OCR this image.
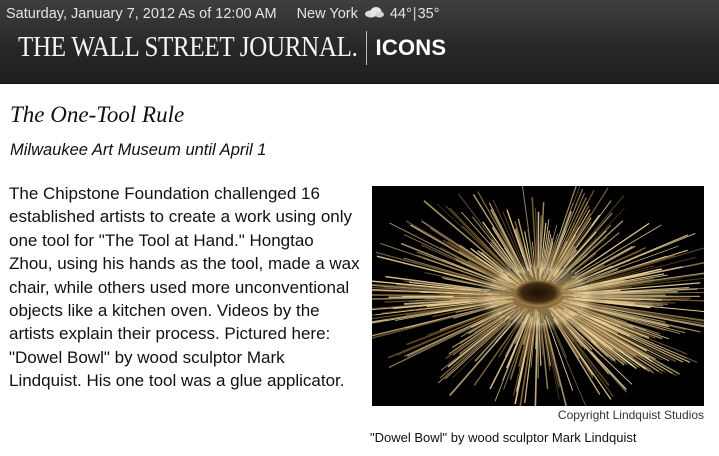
Saturday, January 7, 2012 As of 12:00 AM New York 44° | 35°
THE WALL STREET JOURNAL. ICONS
The One-Tool Rule
Milwaukee Art Museum until April 1

The Chipstone Foundation challenged 16 established artists to create a work using only one tool for "The Tool at Hand." Hongtao Zhou, using his hands as the tool, made a wax chair, while others used more unconventional objects like a kitchen oven. Videos by the artists explain their process. Pictured here: "Dowel Bowl" by wood sculptor Mark Lindquist. His one tool was a glue applicator.

Copyright Lindquist Studios
"Dowel Bowl" by wood sculptor Mark Lindquist
